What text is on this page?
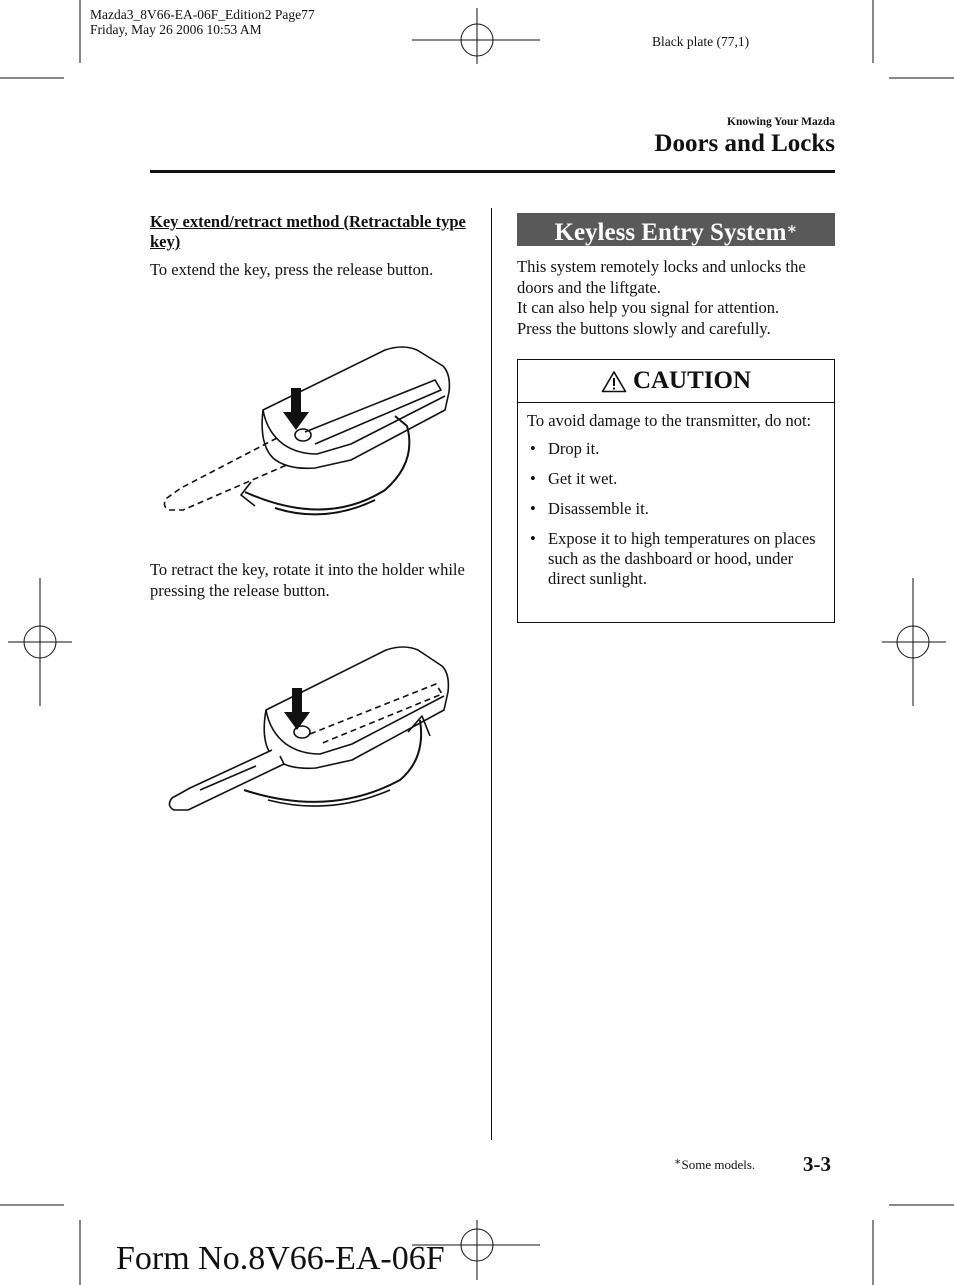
Mazda3_8V66-EA-06F_Edition2 Page77
Friday, May 26 2006 10:53 AM
Black plate (77,1)
Knowing Your Mazda
Doors and Locks

Key extend/retract method (Retractable type key)

To extend the key, press the release button.

To retract the key, rotate it into the holder while pressing the release button.

Keyless Entry System∗
This system remotely locks and unlocks the doors and the liftgate.
It can also help you signal for attention.
Press the buttons slowly and carefully.
CAUTION
To avoid damage to the transmitter, do not:
• Drop it.
• Get it wet.
• Disassemble it.
• Expose it to high temperatures on places such as the dashboard or hood, under direct sunlight.
∗Some models. 3-3
Form No.8V66-EA-06F
